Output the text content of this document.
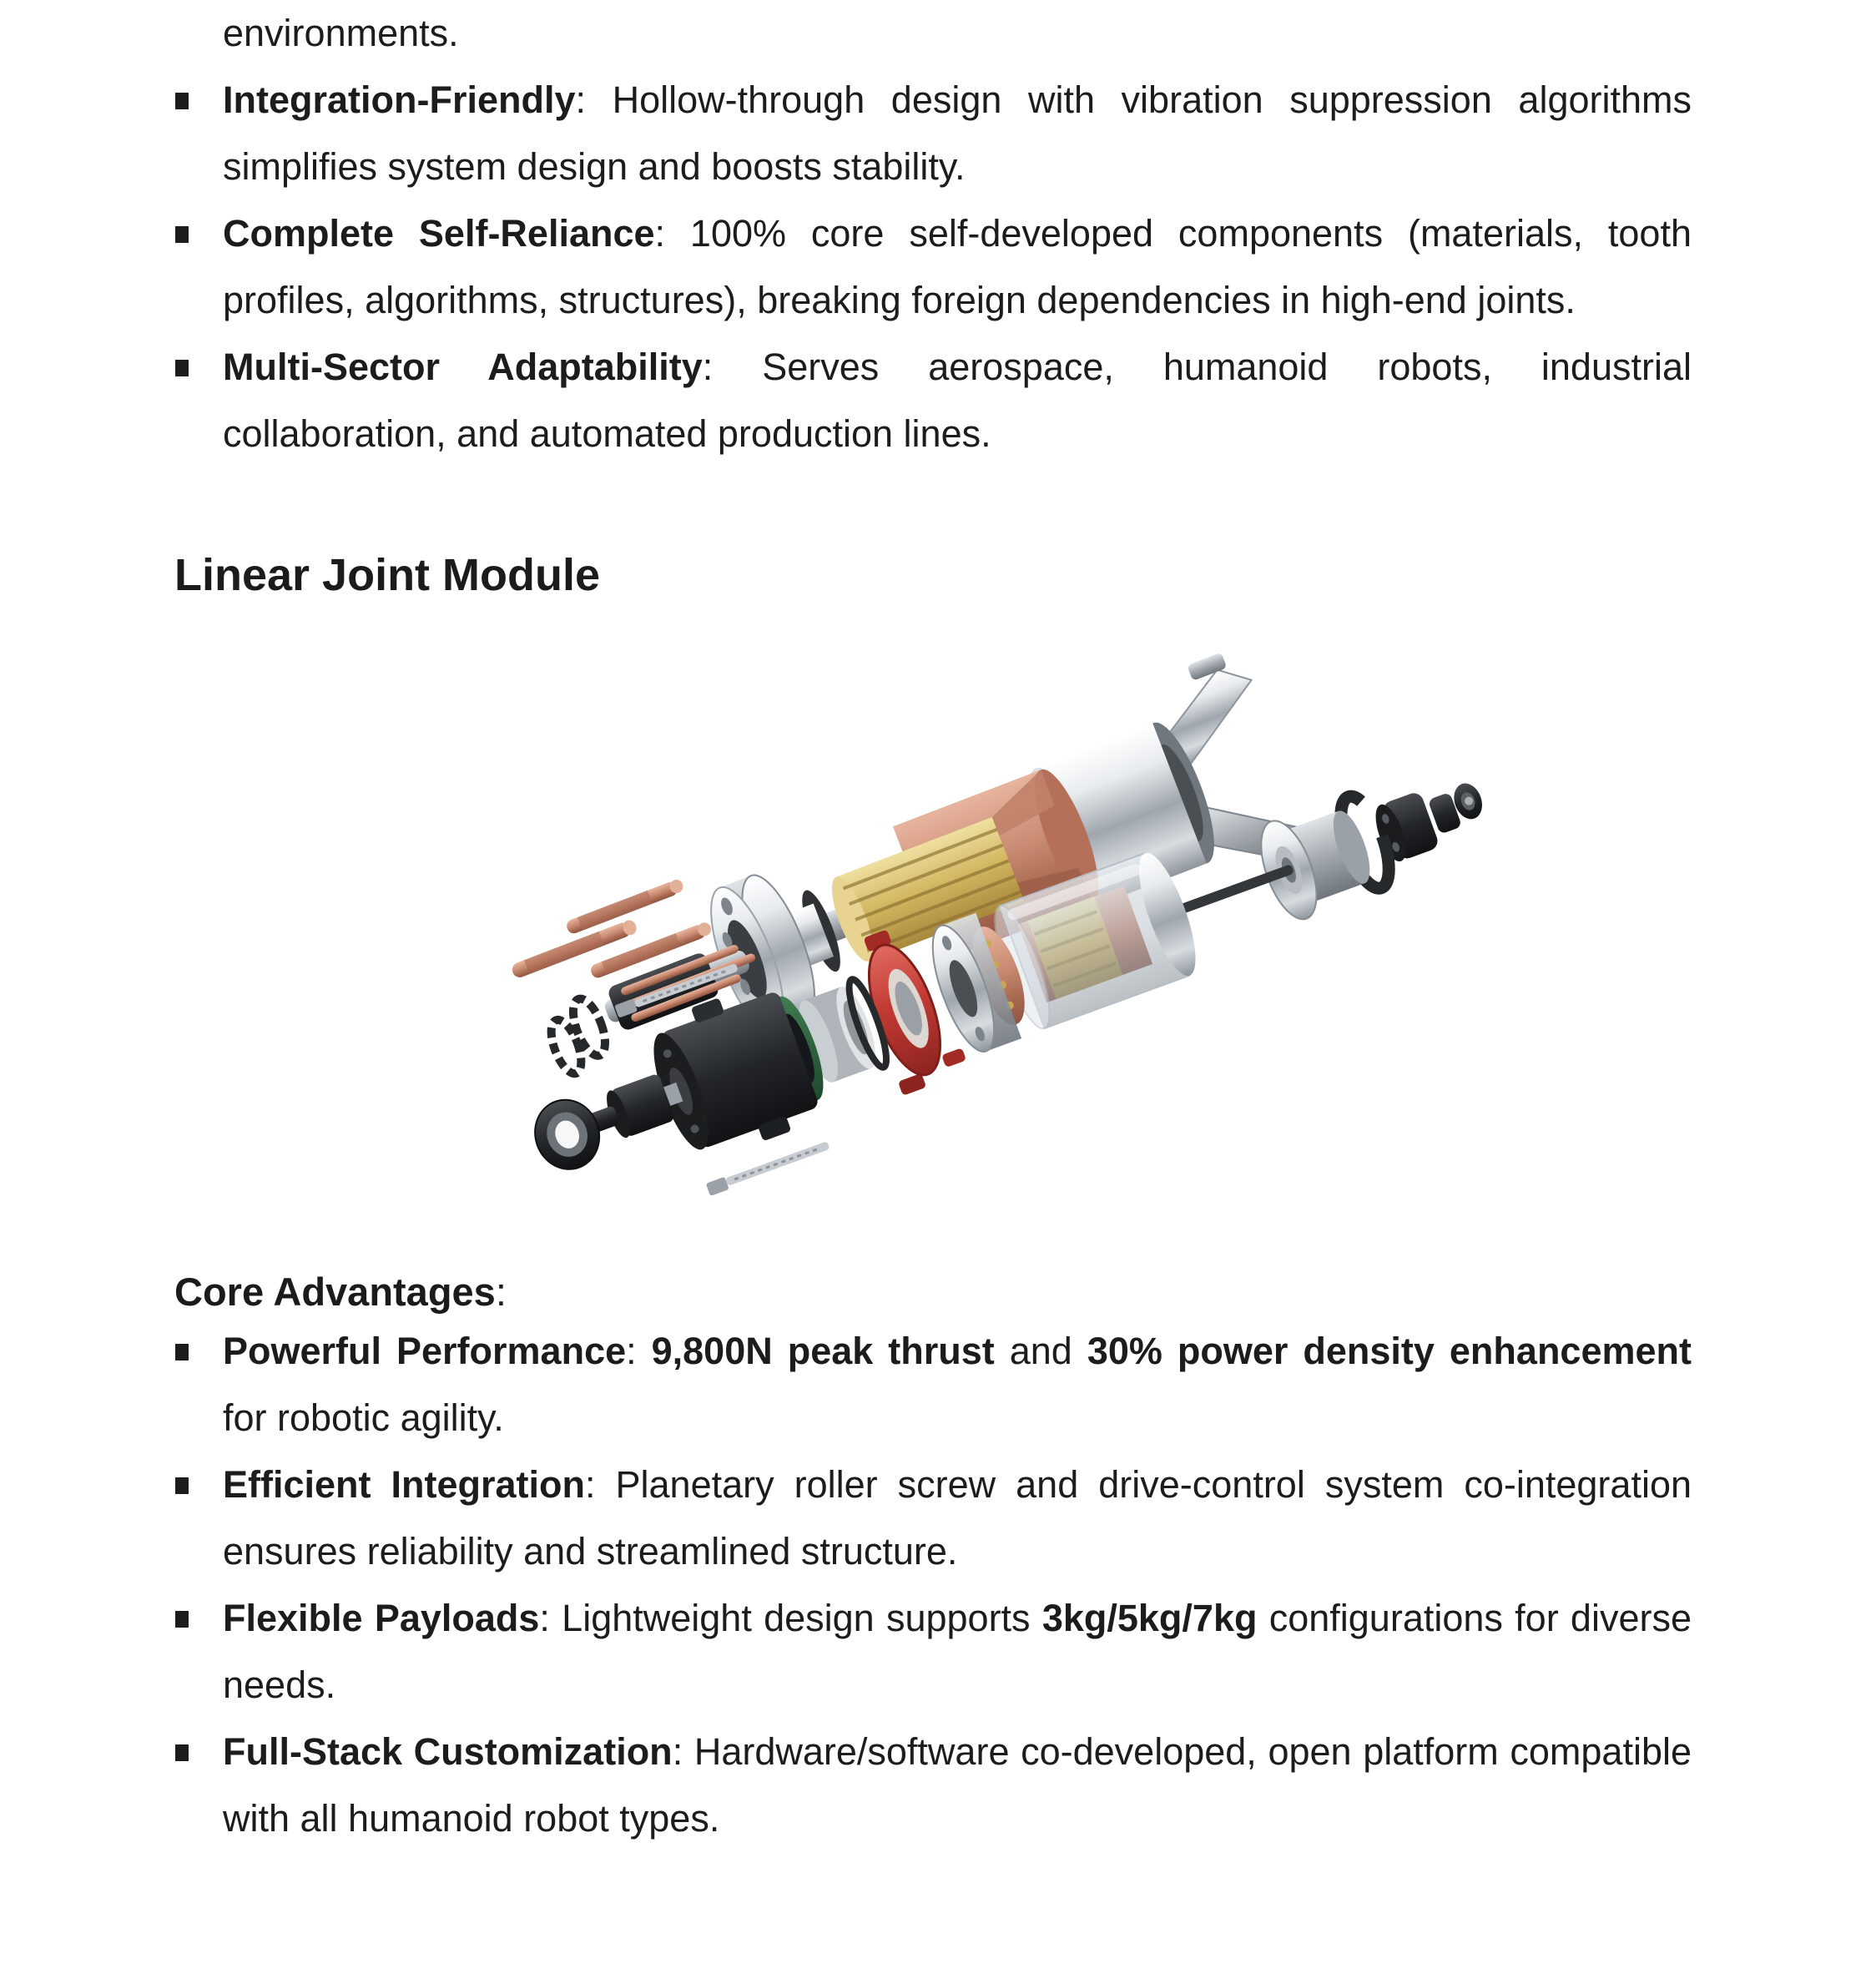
environments.

Integration-Friendly: Hollow-through design with vibration suppression algorithms simplifies system design and boosts stability.
Complete Self-Reliance: 100% core self-developed components (materials, tooth profiles, algorithms, structures), breaking foreign dependencies in high-end joints.
Multi-Sector Adaptability: Serves aerospace, humanoid robots, industrial collaboration, and automated production lines.
Linear Joint Module
Core Advantages:
Powerful Performance: 9,800N peak thrust and 30% power density enhancement for robotic agility.
Efficient Integration: Planetary roller screw and drive-control system co-integration ensures reliability and streamlined structure.
Flexible Payloads: Lightweight design supports 3kg/5kg/7kg configurations for diverse needs.
Full-Stack Customization: Hardware/software co-developed, open platform compatible with all humanoid robot types.
